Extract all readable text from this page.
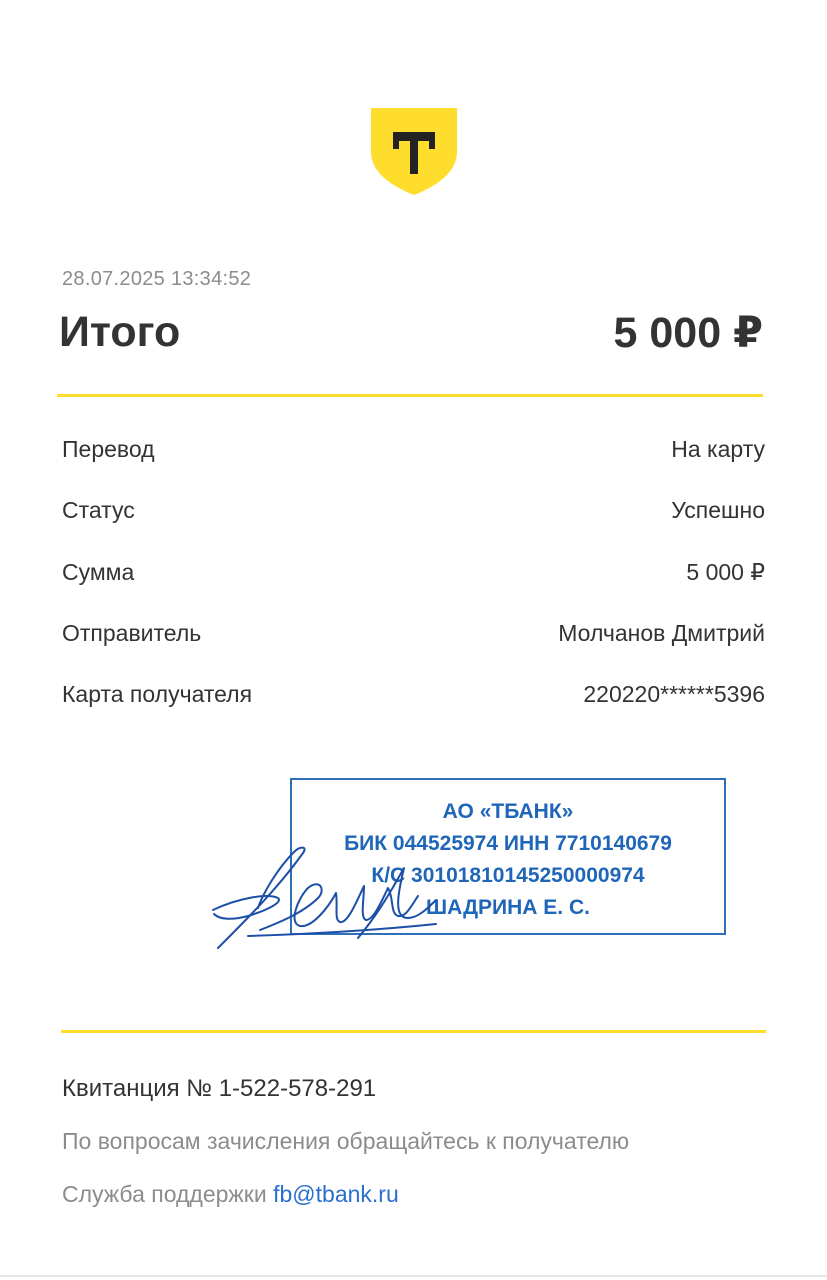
28.07.2025 13:34:52
Итого	5 000 ₽
Перевод	На карту
Статус	Успешно
Сумма	5 000 ₽
Отправитель	Молчанов Дмитрий
Карта получателя	220220******5396
АО «ТБАНК»
БИК 044525974 ИНН 7710140679
К/С 30101810145250000974
ШАДРИНА Е. С.
Квитанция № 1-522-578-291
По вопросам зачисления обращайтесь к получателю
Служба поддержки fb@tbank.ru
